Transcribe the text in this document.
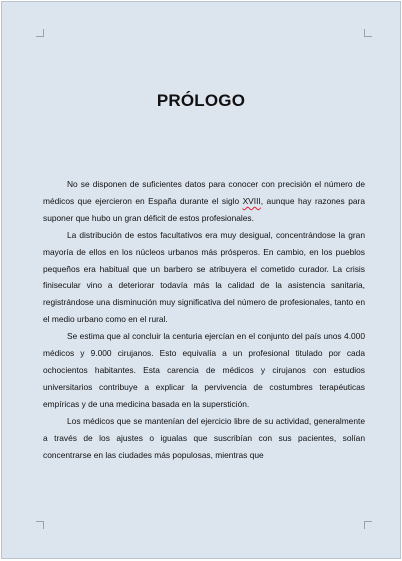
PRÓLOGO

No se disponen de suficientes datos para conocer con precisión el número de médicos que ejercieron en España durante el siglo XVIII, aunque hay razones para suponer que hubo un gran déficit de estos profesionales.

La distribución de estos facultativos era muy desigual, concentrándose la gran mayoría de ellos en los núcleos urbanos más prósperos. En cambio, en los pueblos pequeños era habitual que un barbero se atribuyera el cometido curador. La crisis finisecular vino a deteriorar todavía más la calidad de la asistencia sanitaria, registrándose una disminución muy significativa del número de profesionales, tanto en el medio urbano como en el rural.

Se estima que al concluir la centuria ejercían en el conjunto del país unos 4.000 médicos y 9.000 cirujanos. Esto equivalía a un profesional titulado por cada ochocientos habitantes. Esta carencia de médicos y cirujanos con estudios universitarios contribuye a explicar la pervivencia de costumbres terapéuticas empíricas y de una medicina basada en la superstición.

Los médicos que se mantenían del ejercicio libre de su actividad, generalmente a través de los ajustes o igualas que suscribían con sus pacientes, solían concentrarse en las ciudades más populosas, mientras que
